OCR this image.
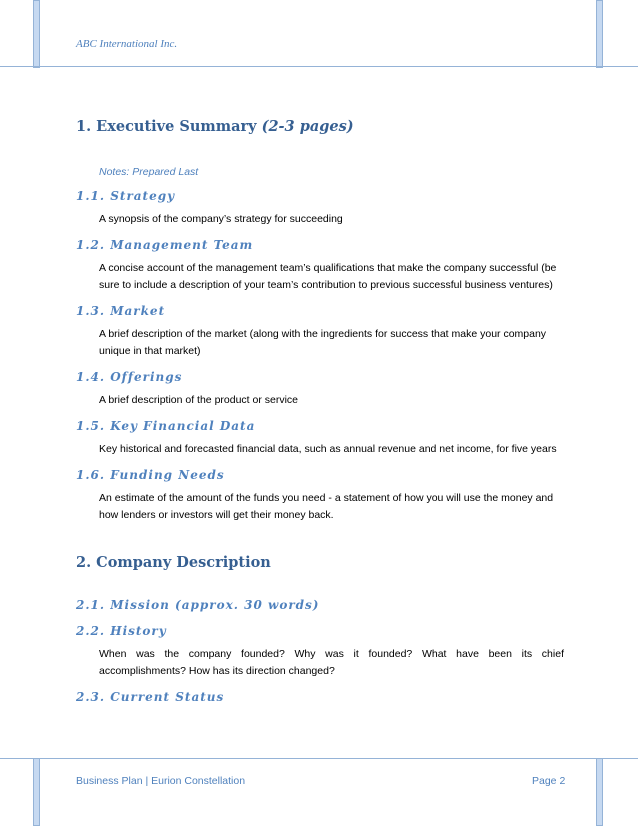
ABC International Inc.
1. Executive Summary (2-3 pages)
Notes: Prepared Last
1.1. Strategy

A synopsis of the company’s strategy for succeeding

1.2. Management Team

A concise account of the management team’s qualifications that make the company successful (be sure to include a description of your team’s contribution to previous successful business ventures)

1.3. Market

A brief description of the market (along with the ingredients for success that make your company unique in that market)

1.4. Offerings

A brief description of the product or service

1.5. Key Financial Data

Key historical and forecasted financial data, such as annual revenue and net income, for five years

1.6. Funding Needs

An estimate of the amount of the funds you need - a statement of how you will use the money and how lenders or investors will get their money back.

2. Company Description
2.1. Mission (approx. 30 words)
2.2. History

When was the company founded? Why was it founded? What have been its chief accomplishments? How has its direction changed?

2.3. Current Status
Business Plan | Eurion Constellation	Page 2
